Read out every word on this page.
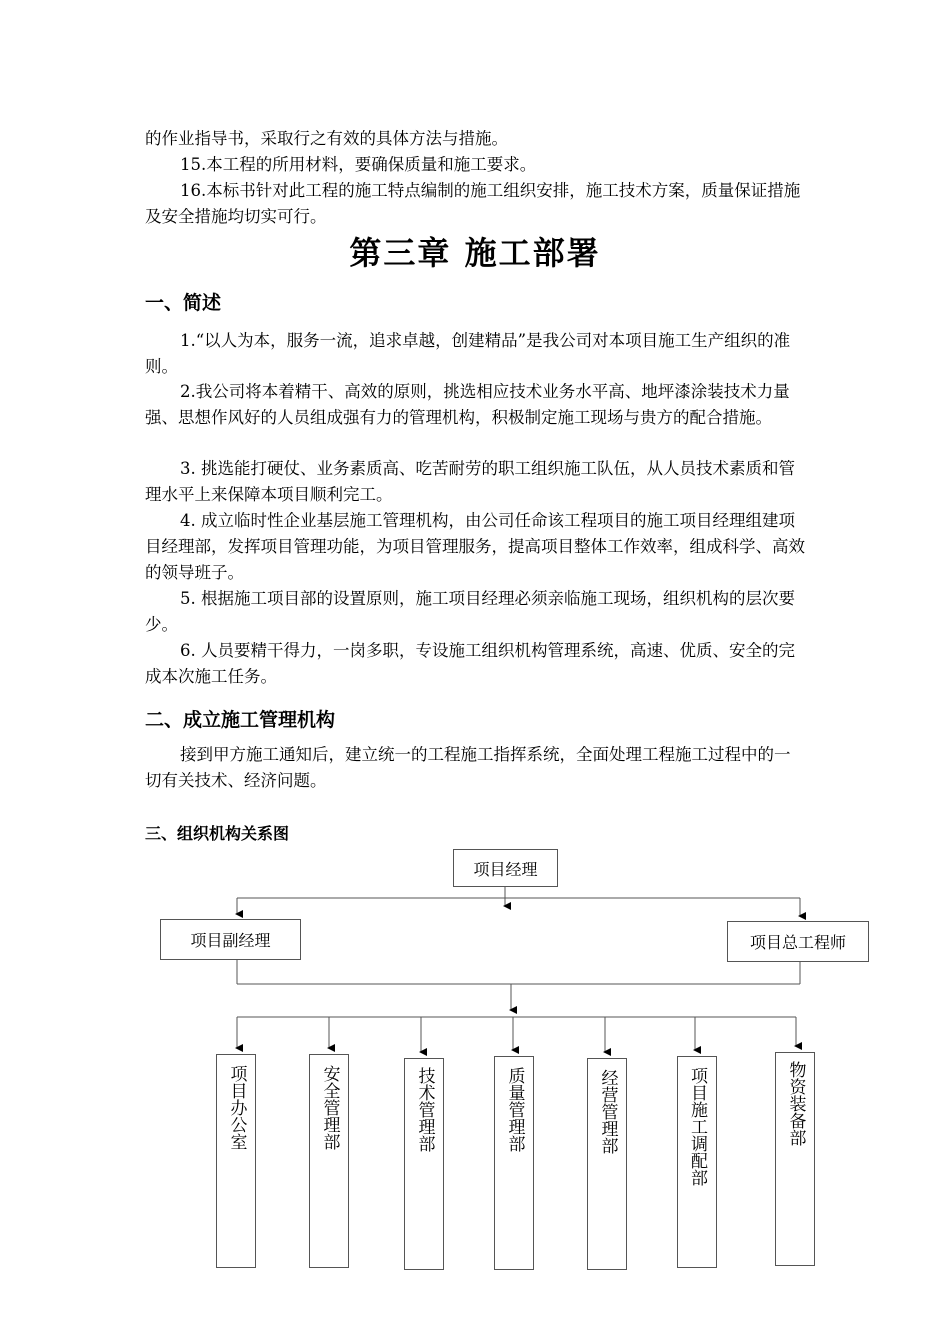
的作业指导书，采取行之有效的具体方法与措施。

15.本工程的所用材料，要确保质量和施工要求。

16.本标书针对此工程的施工特点编制的施工组织安排，施工技术方案，质量保证措施及安全措施均切实可行。

第三章 施工部署
一、简述

1.“以人为本，服务一流，追求卓越，创建精品”是我公司对本项目施工生产组织的准则。

2.我公司将本着精干、高效的原则，挑选相应技术业务水平高、地坪漆涂装技术力量强、思想作风好的人员组成强有力的管理机构，积极制定施工现场与贵方的配合措施。

3. 挑选能打硬仗、业务素质高、吃苦耐劳的职工组织施工队伍，从人员技术素质和管理水平上来保障本项目顺利完工。

4. 成立临时性企业基层施工管理机构，由公司任命该工程项目的施工项目经理组建项目经理部，发挥项目管理功能，为项目管理服务，提高项目整体工作效率，组成科学、高效的领导班子。

5. 根据施工项目部的设置原则，施工项目经理必须亲临施工现场，组织机构的层次要少。

6. 人员要精干得力，一岗多职，专设施工组织机构管理系统，高速、优质、安全的完成本次施工任务。

二、成立施工管理机构

接到甲方施工通知后，建立统一的工程施工指挥系统，全面处理工程施工过程中的一切有关技术、经济问题。

三、组织机构关系图
项目经理
项目副经理	项目总工程师
项目办公室	安全管理部	技术管理部	质量管理部	经营管理部	项目施工调配部	物资装备部
